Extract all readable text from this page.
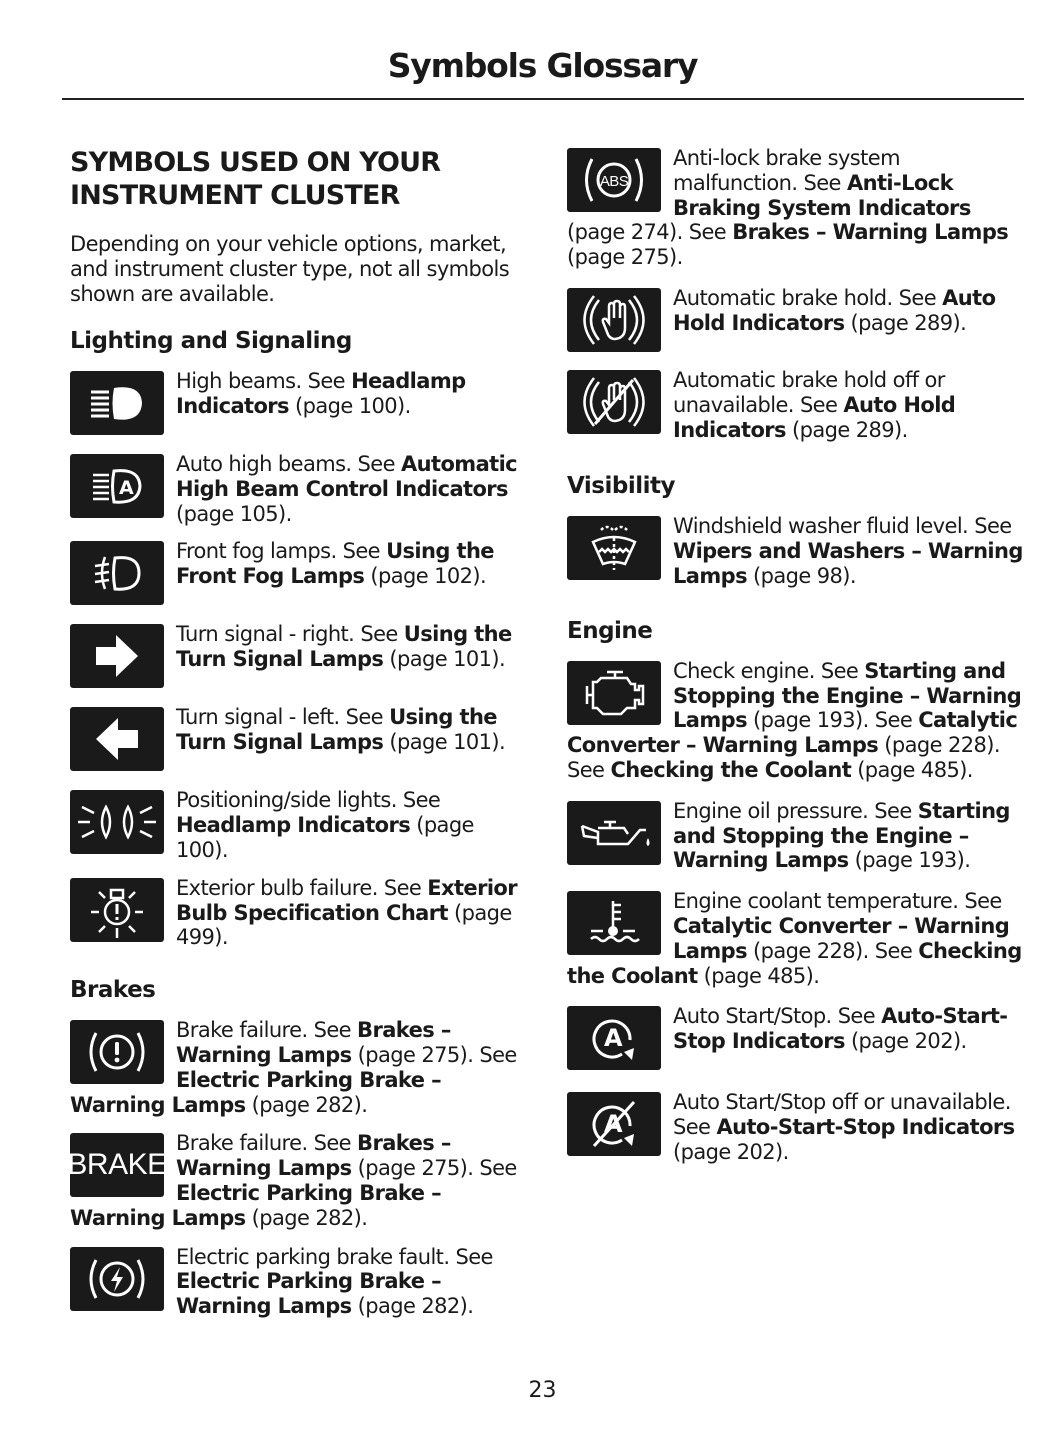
Symbols Glossary
SYMBOLS USED ON YOUR INSTRUMENT CLUSTER
Depending on your vehicle options, market, and instrument cluster type, not all symbols shown are available.
Lighting and Signaling
High beams. See Headlamp Indicators (page 100).
A
Auto high beams. See Automatic High Beam Control Indicators (page 105).
Front fog lamps. See Using the Front Fog Lamps (page 102).
Turn signal - right. See Using the Turn Signal Lamps (page 101).
Turn signal - left. See Using the Turn Signal Lamps (page 101).
Positioning/side lights. See Headlamp Indicators (page 100).
Exterior bulb failure. See Exterior Bulb Specification Chart (page 499).
Brakes
Brake failure. See Brakes – Warning Lamps (page 275). See Electric Parking Brake – Warning Lamps (page 282).
BRAKE
Brake failure. See Brakes – Warning Lamps (page 275). See Electric Parking Brake – Warning Lamps (page 282).
Electric parking brake fault. See Electric Parking Brake – Warning Lamps (page 282).
ABS
Anti-lock brake system malfunction. See Anti-Lock Braking System Indicators (page 274). See Brakes – Warning Lamps (page 275).
Automatic brake hold. See Auto Hold Indicators (page 289).
Automatic brake hold off or unavailable. See Auto Hold Indicators (page 289).
Visibility
Windshield washer fluid level. See Wipers and Washers – Warning Lamps (page 98).
Engine
Check engine. See Starting and Stopping the Engine – Warning Lamps (page 193). See Catalytic Converter – Warning Lamps (page 228). See Checking the Coolant (page 485).
Engine oil pressure. See Starting and Stopping the Engine – Warning Lamps (page 193).
Engine coolant temperature. See Catalytic Converter – Warning Lamps (page 228). See Checking the Coolant (page 485).
A
Auto Start/Stop. See Auto-Start-Stop Indicators (page 202).
A
Auto Start/Stop off or unavailable. See Auto-Start-Stop Indicators (page 202).
23
